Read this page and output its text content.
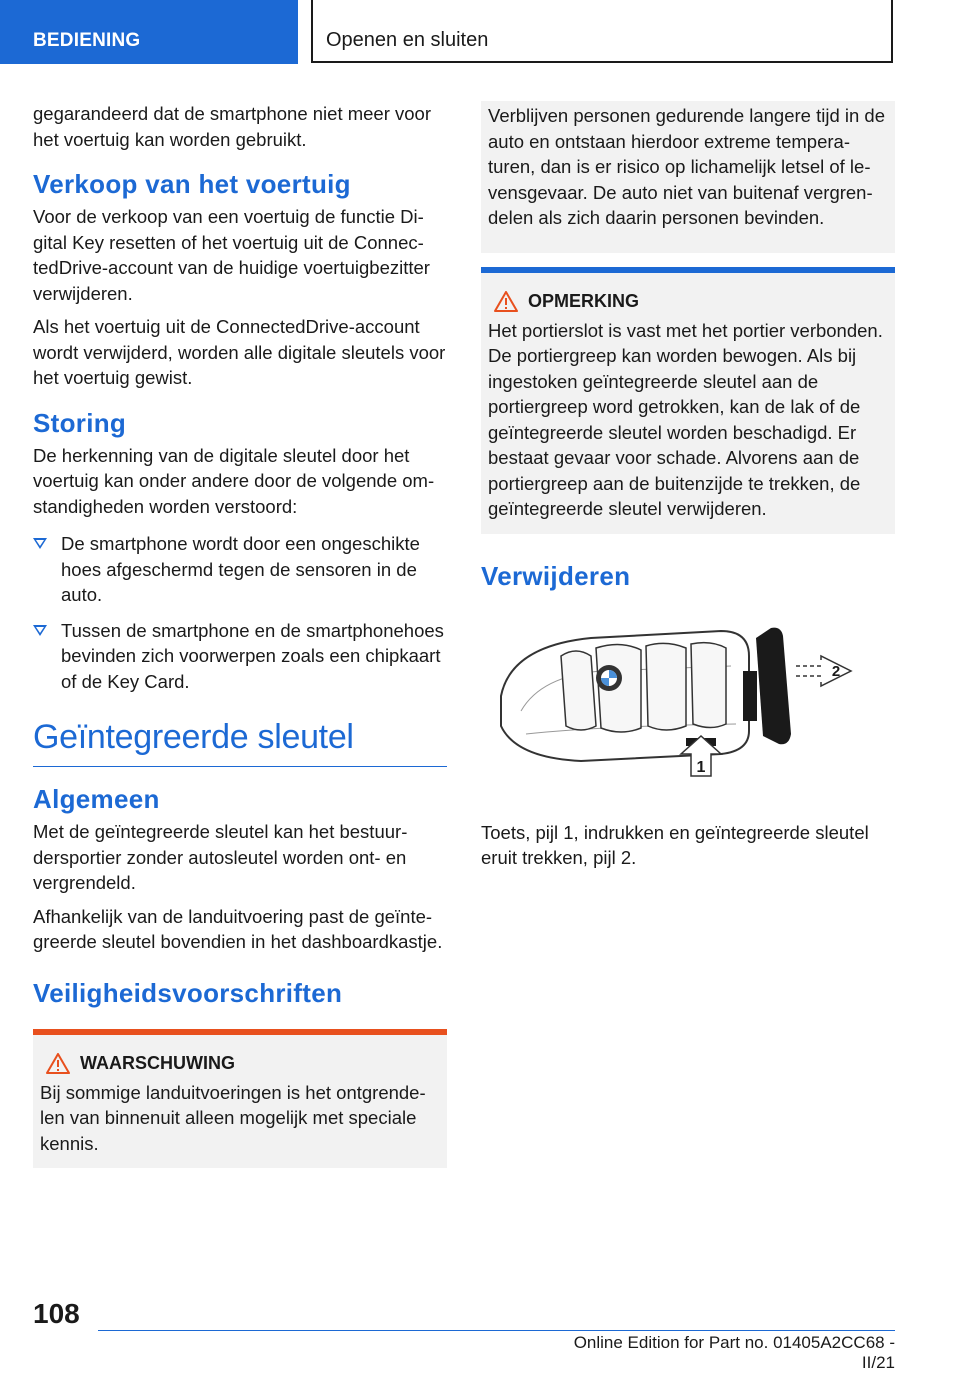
BEDIENING	Openen en sluiten

gegarandeerd dat de smartphone niet meer voor het voertuig kan worden gebruikt.

Verkoop van het voertuig

Voor de verkoop van een voertuig de functie Digital Key resetten of het voertuig uit de ConnectedDrive-account van de huidige voertuigbezitter verwijderen.

Als het voertuig uit de ConnectedDrive-account wordt verwijderd, worden alle digitale sleutels voor het voertuig gewist.

Storing

De herkenning van de digitale sleutel door het voertuig kan onder andere door de volgende omstandigheden worden verstoord:

De smartphone wordt door een ongeschikte hoes afgeschermd tegen de sensoren in de auto.
Tussen de smartphone en de smartphonehoes bevinden zich voorwerpen zoals een chipkaart of de Key Card.
Geïntegreerde sleutel
Algemeen

Met de geïntegreerde sleutel kan het bestuurdersportier zonder autosleutel worden ont- en vergrendeld.

Afhankelijk van de landuitvoering past de geïntegreerde sleutel bovendien in het dashboardkastje.

Veiligheidsvoorschriften
WAARSCHUWING

Bij sommige landuitvoeringen is het ontgrendelen van binnenuit alleen mogelijk met speciale kennis.

Verblijven personen gedurende langere tijd in de auto en ontstaan hierdoor extreme temperaturen, dan is er risico op lichamelijk letsel of levensgevaar. De auto niet van buitenaf vergrendelen als zich daarin personen bevinden.

OPMERKING

Het portierslot is vast met het portier verbonden. De portiergreep kan worden bewogen. Als bij ingestoken geïntegreerde sleutel aan de portiergreep word getrokken, kan de lak of de geïntegreerde sleutel worden beschadigd. Er bestaat gevaar voor schade. Alvorens aan de portiergreep aan de buitenzijde te trekken, de geïntegreerde sleutel verwijderen.

Verwijderen
1
2

Toets, pijl 1, indrukken en geïntegreerde sleutel eruit trekken, pijl 2.

108
Online Edition for Part no. 01405A2CC68 - II/21
